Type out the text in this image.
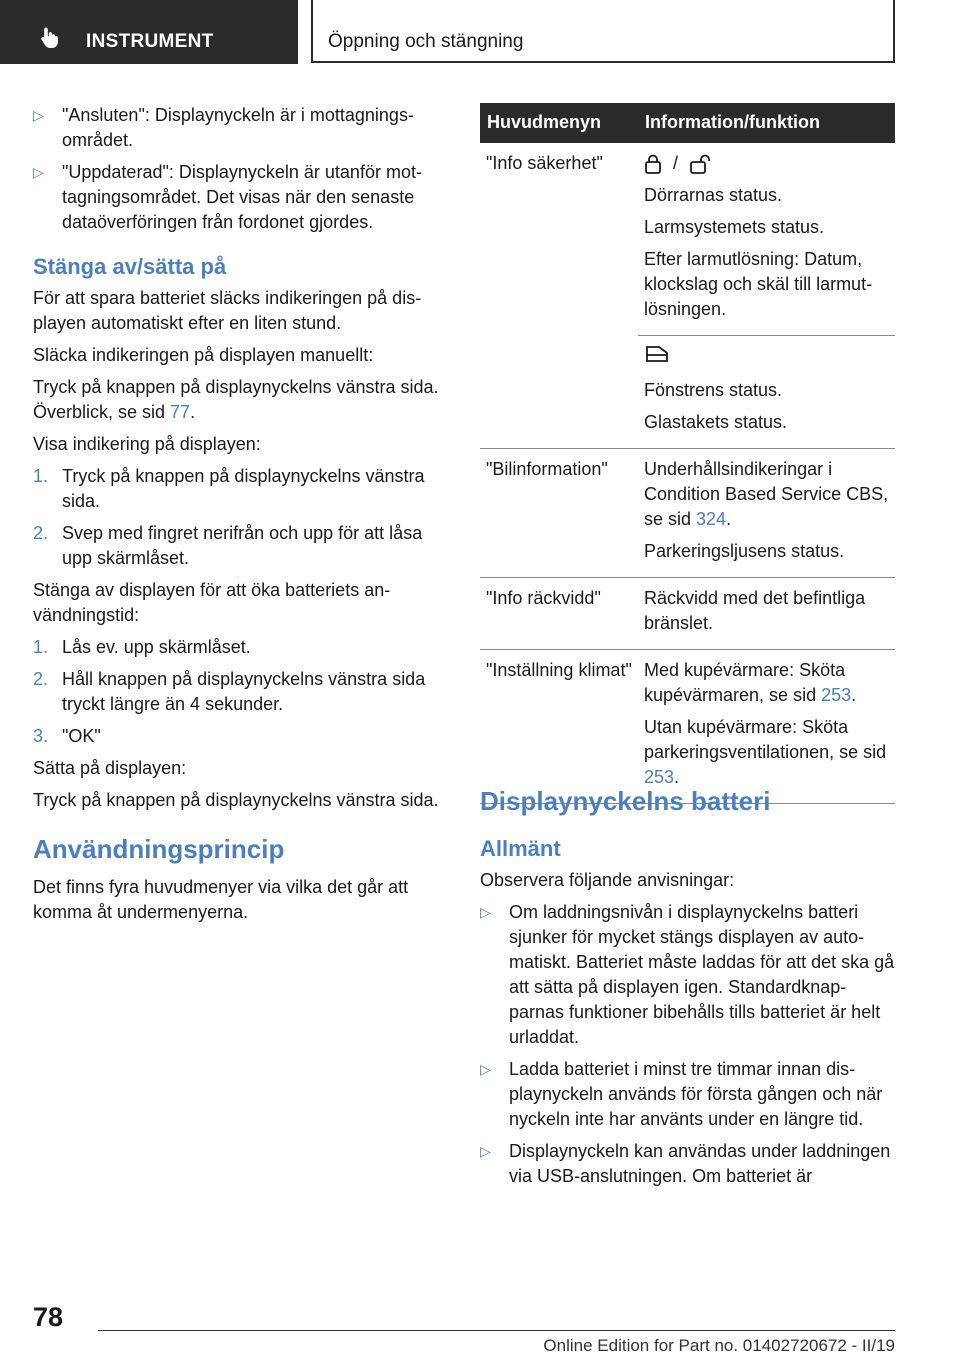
INSTRUMENT	Öppning och stängning
▷ "Ansluten": Displaynyckeln är i mottagningsområdet.
▷ "Uppdaterad": Displaynyckeln är utanför mottagningsområdet. Det visas när den senaste dataöverföringen från fordonet gjordes.
Stänga av/sätta på

För att spara batteriet släcks indikeringen på displayen automatiskt efter en liten stund.

Släcka indikeringen på displayen manuellt:

Tryck på knappen på displaynyckelns vänstra sida. Överblick, se sid 77.

Visa indikering på displayen:

1. Tryck på knappen på displaynyckelns vänstra sida.
2. Svep med fingret nerifrån och upp för att låsa upp skärmlåset.

Stänga av displayen för att öka batteriets användningstid:

1. Lås ev. upp skärmlåset.
2. Håll knappen på displaynyckelns vänstra sida tryckt längre än 4 sekunder.
3. "OK"

Sätta på displayen:

Tryck på knappen på displaynyckelns vänstra sida.

Användningsprincip

Det finns fyra huvudmenyer via vilka det går att komma åt undermenyerna.

Huvudmenyn	Information/funktion
"Info säkerhet"	/

Dörrarnas status.

Larmsystemets status.

Efter larmutlösning: Datum, klockslag och skäl till larmutlösningen.

	Fönstrens status.

Glastakets status.

"Bilinformation"	Underhållsindikeringar i Condition Based Service CBS, se sid 324.

Parkeringsljusens status.

"Info räckvidd"	Räckvidd med det befintliga bränslet.

"Inställning klimat"	Med kupévärmare: Sköta kupévärmaren, se sid 253.

Utan kupévärmare: Sköta parkeringsventilationen, se sid 253.

Displaynyckelns batteri
Allmänt

Observera följande anvisningar:

▷ Om laddningsnivån i displaynyckelns batteri sjunker för mycket stängs displayen av automatiskt. Batteriet måste laddas för att det ska gå att sätta på displayen igen. Standardknapparnas funktioner bibehålls tills batteriet är helt urladdat.
▷ Ladda batteriet i minst tre timmar innan displaynyckeln används för första gången och när nyckeln inte har använts under en längre tid.
▷ Displaynyckeln kan användas under laddningen via USB-anslutningen. Om batteriet är
78
Online Edition for Part no. 01402720672 - II/19
